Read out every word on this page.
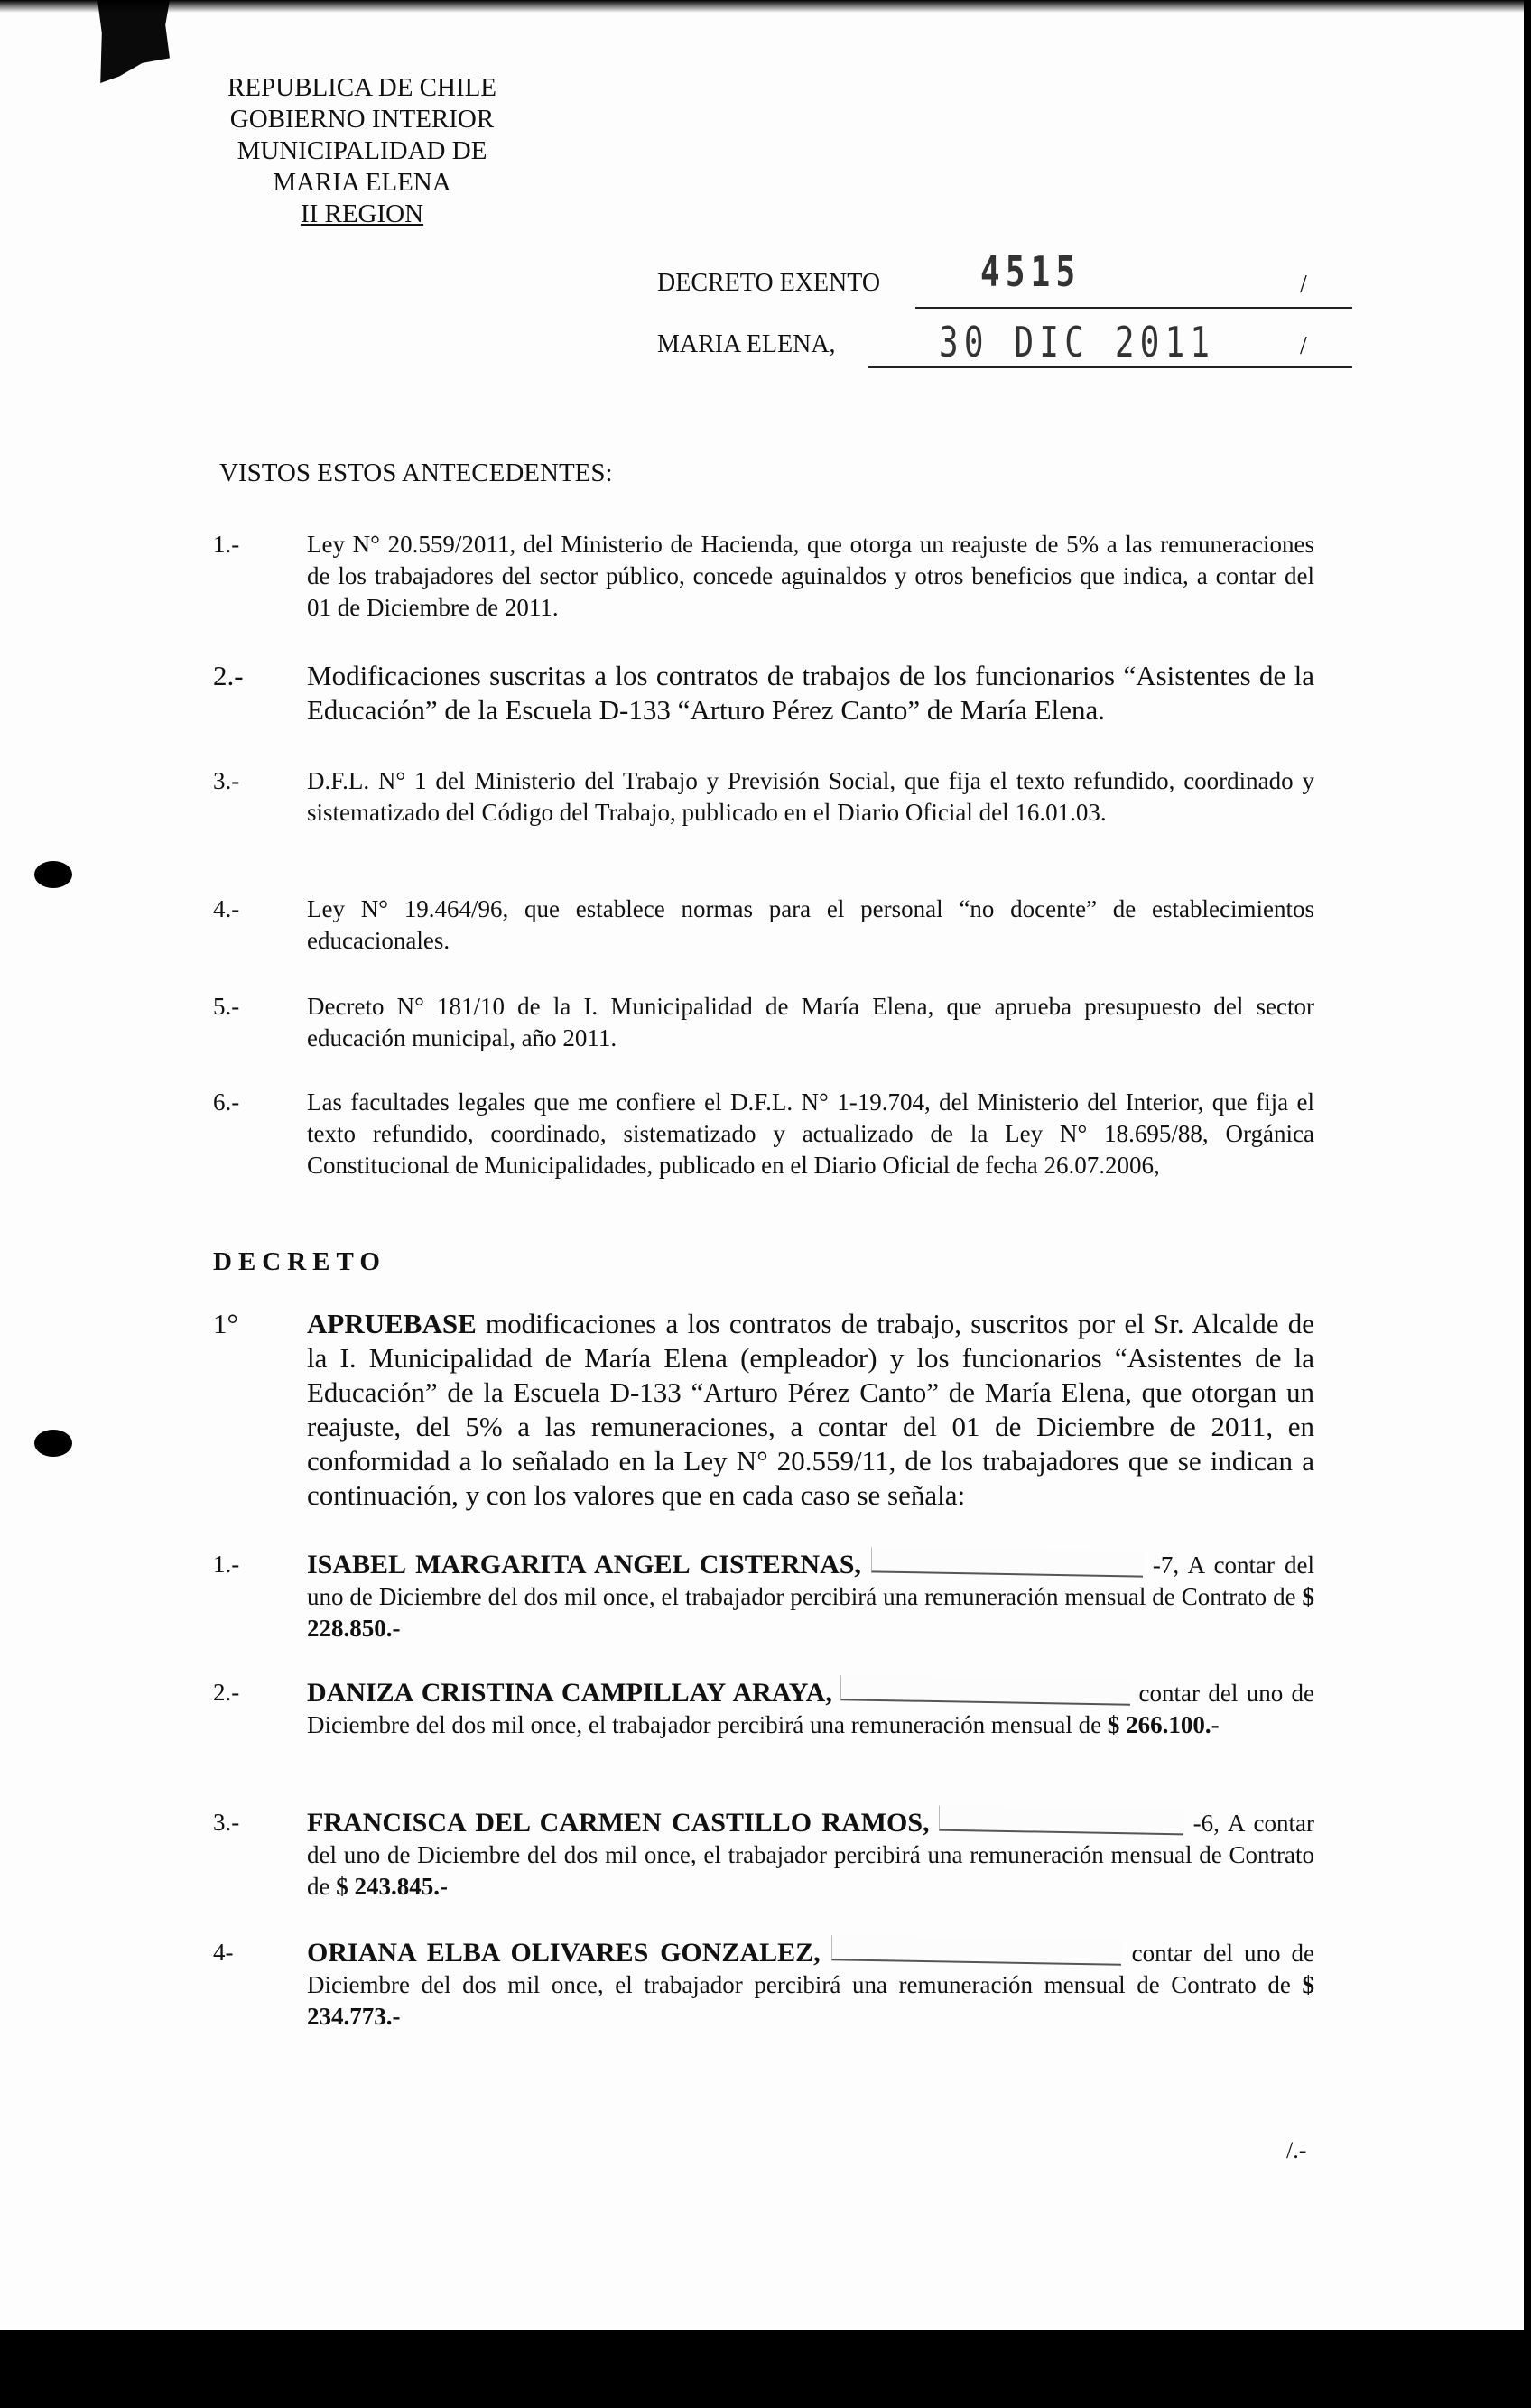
REPUBLICA DE CHILE
GOBIERNO INTERIOR
MUNICIPALIDAD DE
MARIA ELENA
II REGION
DECRETO EXENTO 4515	/
MARIA ELENA, 30 DIC 2011	/
VISTOS ESTOS ANTECEDENTES:
1.-	Ley N° 20.559/2011, del Ministerio de Hacienda, que otorga un reajuste de 5% a las remuneraciones de los trabajadores del sector público, concede aguinaldos y otros beneficios que indica, a contar del 01 de Diciembre de 2011.
2.- Modificaciones suscritas a los contratos de trabajos de los funcionarios “Asistentes de la Educación” de la Escuela D-133 “Arturo Pérez Canto” de María Elena.
3.-	D.F.L. N° 1 del Ministerio del Trabajo y Previsión Social, que fija el texto refundido, coordinado y sistematizado del Código del Trabajo, publicado en el Diario Oficial del 16.01.03.
4.-	Ley N° 19.464/96, que establece normas para el personal “no docente” de establecimientos educacionales.
5.-	Decreto N° 181/10 de la I. Municipalidad de María Elena, que aprueba presupuesto del sector educación municipal, año 2011.
6.-	Las facultades legales que me confiere el D.F.L. N° 1-19.704, del Ministerio del Interior, que fija el texto refundido, coordinado, sistematizado y actualizado de la Ley N° 18.695/88, Orgánica Constitucional de Municipalidades, publicado en el Diario Oficial de fecha 26.07.2006,
DECRETO
1° APRUEBASE modificaciones a los contratos de trabajo, suscritos por el Sr. Alcalde de la I. Municipalidad de María Elena (empleador) y los funcionarios “Asistentes de la Educación” de la Escuela D-133 “Arturo Pérez Canto” de María Elena, que otorgan un reajuste, del 5% a las remuneraciones, a contar del 01 de Diciembre de 2011, en conformidad a lo señalado en la Ley N° 20.559/11, de los trabajadores que se indican a continuación, y con los valores que en cada caso se señala:
1.- ISABEL MARGARITA ANGEL CISTERNAS,	-7, A contar del uno de Diciembre del dos mil once, el trabajador percibirá una remuneración mensual de Contrato de $ 228.850.-
2.- DANIZA CRISTINA CAMPILLAY ARAYA,	contar del uno de Diciembre del dos mil once, el trabajador percibirá una remuneración mensual de $ 266.100.-
3.- FRANCISCA DEL CARMEN CASTILLO RAMOS,	-6, A contar del uno de Diciembre del dos mil once, el trabajador percibirá una remuneración mensual de Contrato de $ 243.845.-
4-	ORIANA ELBA OLIVARES GONZALEZ,	contar del uno de Diciembre del dos mil once, el trabajador percibirá una remuneración mensual de Contrato de $ 234.773.-
/.-
